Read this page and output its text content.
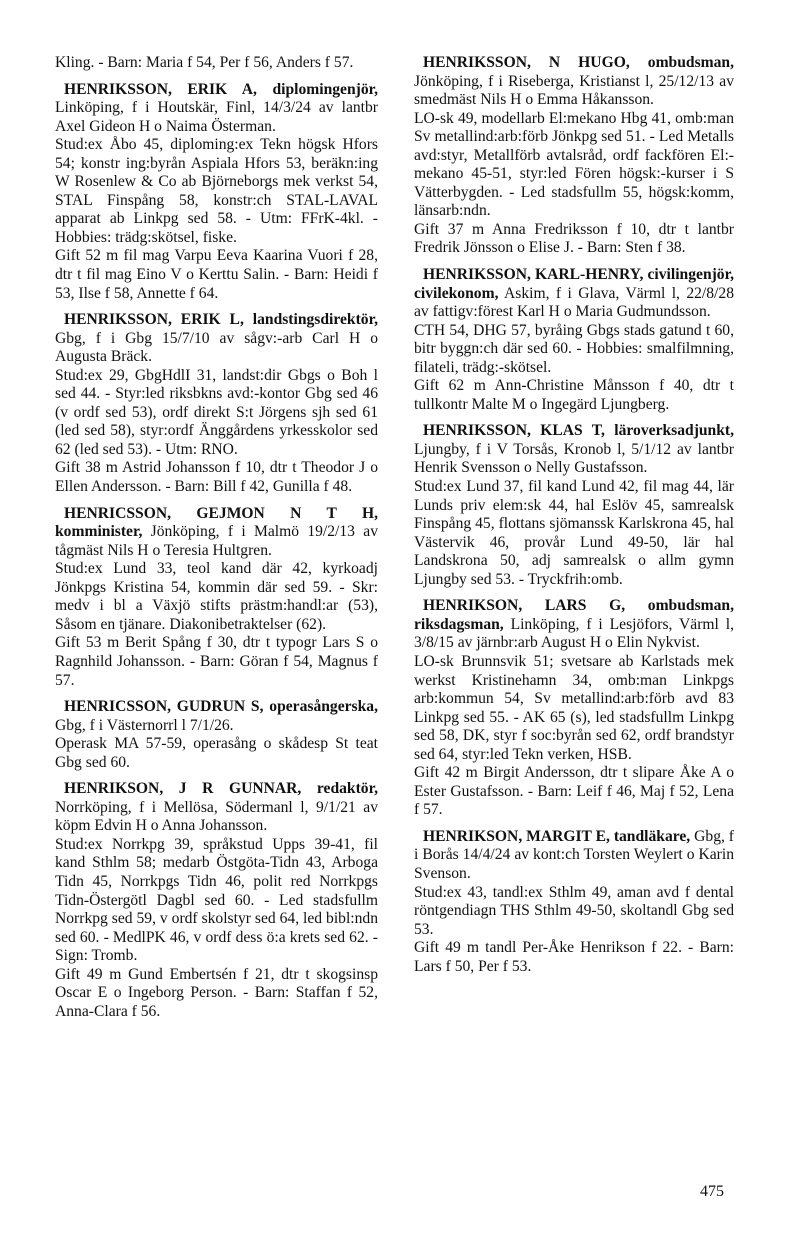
Kling. - Barn: Maria f 54, Per f 56, Anders f 57.

HENRIKSSON, ERIK A, diplomingenjör, Linköping, f i Houtskär, Finl, 14/3/24 av lantbr Axel Gideon H o Naima Österman.
Stud:ex Åbo 45, diploming:ex Tekn högsk Hfors 54; konstr ing:byrån Aspiala Hfors 53, beräkn:ing W Rosenlew & Co ab Björneborgs mek verkst 54, STAL Finspång 58, konstr:ch STAL-LAVAL apparat ab Linkpg sed 58. - Utm: FFrK-4kl. - Hobbies: trädg:skötsel, fiske.
Gift 52 m fil mag Varpu Eeva Kaarina Vuori f 28, dtr t fil mag Eino V o Kerttu Salin. - Barn: Heidi f 53, Ilse f 58, Annette f 64.

HENRIKSSON, ERIK L, landstingsdirektör, Gbg, f i Gbg 15/7/10 av sågv:-arb Carl H o Augusta Bräck.
Stud:ex 29, GbgHdlI 31, landst:dir Gbgs o Boh l sed 44. - Styr:led riksbkns avd:-kontor Gbg sed 46 (v ordf sed 53), ordf direkt S:t Jörgens sjh sed 61 (led sed 58), styr:ordf Änggårdens yrkesskolor sed 62 (led sed 53). - Utm: RNO.
Gift 38 m Astrid Johansson f 10, dtr t Theodor J o Ellen Andersson. - Barn: Bill f 42, Gunilla f 48.

HENRICSSON, GEJMON N T H, komminister, Jönköping, f i Malmö 19/2/13 av tågmäst Nils H o Teresia Hultgren.
Stud:ex Lund 33, teol kand där 42, kyrkoadj Jönkpgs Kristina 54, kommin där sed 59. - Skr: medv i bl a Växjö stifts prästm:handl:ar (53), Såsom en tjänare. Diakonibetraktelser (62).
Gift 53 m Berit Spång f 30, dtr t typogr Lars S o Ragnhild Johansson. - Barn: Göran f 54, Magnus f 57.

HENRICSSON, GUDRUN S, operasångerska, Gbg, f i Västernorrl l 7/1/26.
Operask MA 57-59, operasång o skådesp St teat Gbg sed 60.

HENRIKSON, J R GUNNAR, redaktör, Norrköping, f i Mellösa, Södermanl l, 9/1/21 av köpm Edvin H o Anna Johansson.
Stud:ex Norrkpg 39, språkstud Upps 39-41, fil kand Sthlm 58; medarb Östgöta-Tidn 43, Arboga Tidn 45, Norrkpgs Tidn 46, polit red Norrkpgs Tidn-Östergötl Dagbl sed 60. - Led stadsfullm Norrkpg sed 59, v ordf skolstyr sed 64, led bibl:ndn sed 60. - MedlPK 46, v ordf dess ö:a krets sed 62. - Sign: Tromb.
Gift 49 m Gund Embertsén f 21, dtr t skogsinsp Oscar E o Ingeborg Person. - Barn: Staffan f 52, Anna-Clara f 56.

HENRIKSSON, N HUGO, ombudsman, Jönköping, f i Riseberga, Kristianst l, 25/12/13 av smedmäst Nils H o Emma Håkansson.
LO-sk 49, modellarb El:mekano Hbg 41, omb:man Sv metallind:arb:förb Jönkpg sed 51. - Led Metalls avd:styr, Metallförb avtalsråd, ordf fackfören El:-mekano 45-51, styr:led Fören högsk:-kurser i S Vätterbygden. - Led stadsfullm 55, högsk:komm, länsarb:ndn.
Gift 37 m Anna Fredriksson f 10, dtr t lantbr Fredrik Jönsson o Elise J. - Barn: Sten f 38.

HENRIKSSON, KARL-HENRY, civilingenjör, civilekonom, Askim, f i Glava, Värml l, 22/8/28 av fattigv:förest Karl H o Maria Gudmundsson.
CTH 54, DHG 57, byråing Gbgs stads gatund t 60, bitr byggn:ch där sed 60. - Hobbies: smalfilmning, filateli, trädg:-skötsel.
Gift 62 m Ann-Christine Månsson f 40, dtr t tullkontr Malte M o Ingegärd Ljungberg.

HENRIKSSON, KLAS T, läroverksadjunkt, Ljungby, f i V Torsås, Kronob l, 5/1/12 av lantbr Henrik Svensson o Nelly Gustafsson.
Stud:ex Lund 37, fil kand Lund 42, fil mag 44, lär Lunds priv elem:sk 44, hal Eslöv 45, samrealsk Finspång 45, flottans sjömanssk Karlskrona 45, hal Västervik 46, provår Lund 49-50, lär hal Landskrona 50, adj samrealsk o allm gymn Ljungby sed 53. - Tryckfrih:omb.

HENRIKSON, LARS G, ombudsman, riksdagsman, Linköping, f i Lesjöfors, Värml l, 3/8/15 av järnbr:arb August H o Elin Nykvist.
LO-sk Brunnsvik 51; svetsare ab Karlstads mek werkst Kristinehamn 34, omb:man Linkpgs arb:kommun 54, Sv metallind:arb:förb avd 83 Linkpg sed 55. - AK 65 (s), led stadsfullm Linkpg sed 58, DK, styr f soc:byrån sed 62, ordf brandstyr sed 64, styr:led Tekn verken, HSB.
Gift 42 m Birgit Andersson, dtr t slipare Åke A o Ester Gustafsson. - Barn: Leif f 46, Maj f 52, Lena f 57.

HENRIKSON, MARGIT E, tandläkare, Gbg, f i Borås 14/4/24 av kont:ch Torsten Weylert o Karin Svenson.
Stud:ex 43, tandl:ex Sthlm 49, aman avd f dental röntgendiagn THS Sthlm 49-50, skoltandl Gbg sed 53.
Gift 49 m tandl Per-Åke Henrikson f 22. - Barn: Lars f 50, Per f 53.

475
